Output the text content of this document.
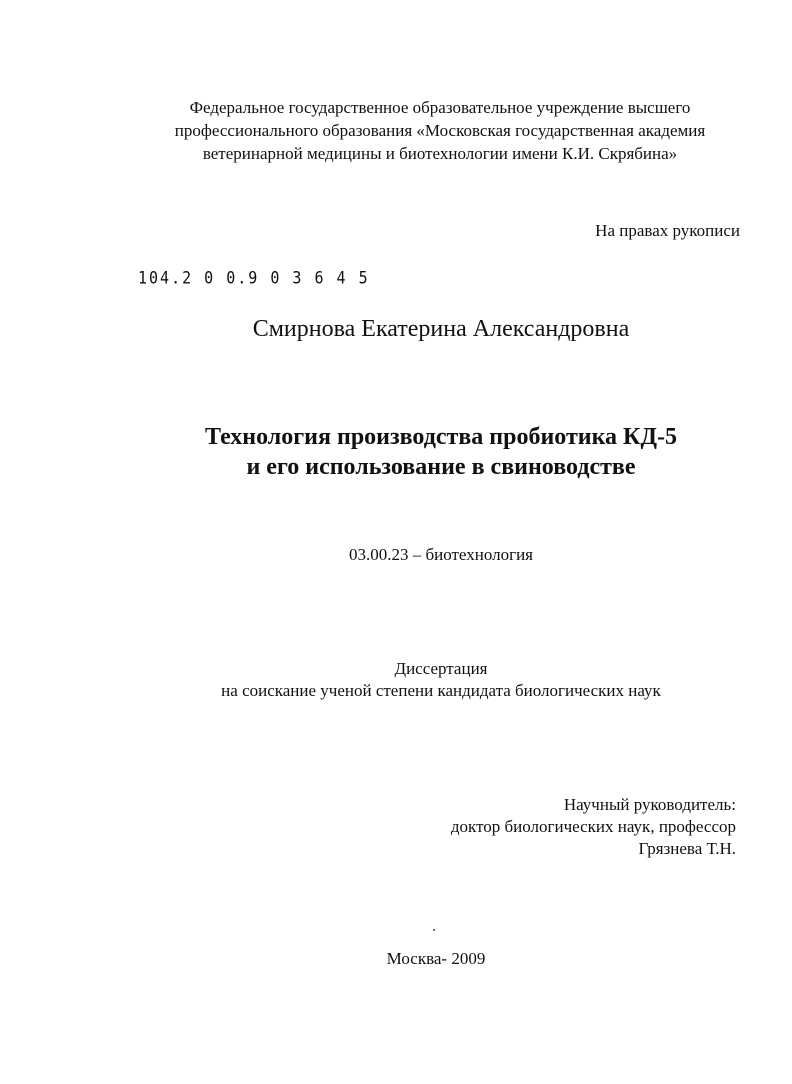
Федеральное государственное образовательное учреждение высшего
профессионального образования «Московская государственная академия
ветеринарной медицины и биотехнологии имени К.И. Скрябина»
На правах рукописи
104.2 0 0.9 0 3 6 4 5
Смирнова Екатерина Александровна
Технология производства пробиотика КД-5
и его использование в свиноводстве
03.00.23 – биотехнология
Диссертация
на соискание ученой степени кандидата биологических наук
Научный руководитель:
доктор биологических наук, профессор
Грязнева Т.Н.
Москва- 2009
